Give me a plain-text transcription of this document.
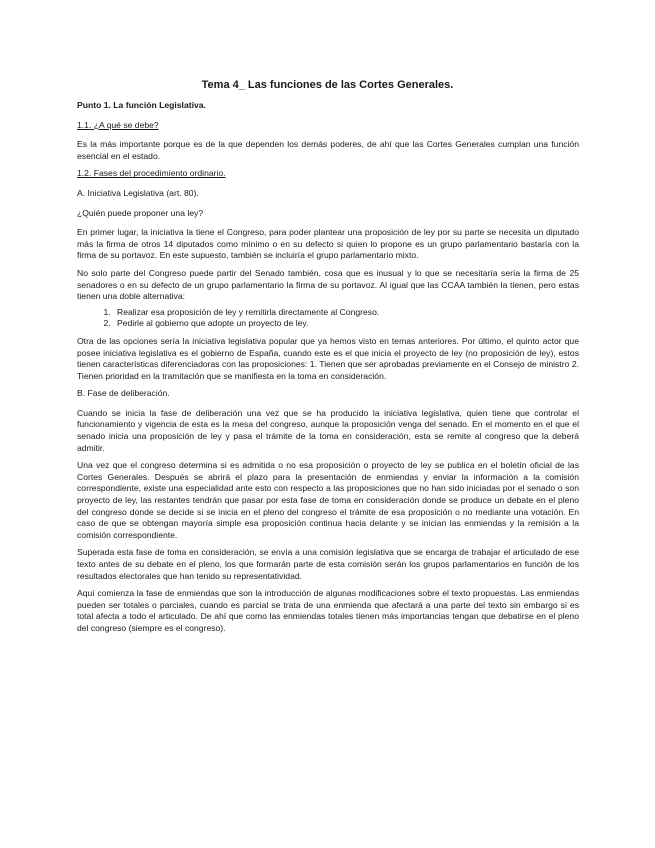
Tema 4_ Las funciones de las Cortes Generales.

Punto 1. La función Legislativa.

1.1. ¿A qué se debe?

Es la más importante porque es de la que dependen los demás poderes, de ahí que las Cortes Generales cumplan una función esencial en el estado.

1.2. Fases del procedimiento ordinario.

A. Iniciativa Legislativa (art. 80).

¿Quién puede proponer una ley?

En primer lugar, la iniciativa la tiene el Congreso, para poder plantear una proposición de ley por su parte se necesita un diputado más la firma de otros 14 diputados como mínimo o en su defecto si quien lo propone es un grupo parlamentario bastaría con la firma de su portavoz. En este supuesto, también se incluiría el grupo parlamentario mixto.

No solo parte del Congreso puede partir del Senado también, cosa que es inusual y lo que se necesitaría sería la firma de 25 senadores o en su defecto de un grupo parlamentario la firma de su portavoz. Al igual que las CCAA también la tienen, pero estas tienen una doble alternativa:

1. Realizar esa proposición de ley y remitirla directamente al Congreso.
2. Pedirle al gobierno que adopte un proyecto de ley.

Otra de las opciones sería la iniciativa legislativa popular que ya hemos visto en temas anteriores. Por último, el quinto actor que posee iniciativa legislativa es el gobierno de España, cuando este es el que inicia el proyecto de ley (no proposición de ley), estos tienen características diferenciadoras con las proposiciones: 1. Tienen que ser aprobadas previamente en el Consejo de ministro 2. Tienen prioridad en la tramitación que se manifiesta en la toma en consideración.

B. Fase de deliberación.

Cuando se inicia la fase de deliberación una vez que se ha producido la iniciativa legislativa, quien tiene que controlar el funcionamiento y vigencia de esta es la mesa del congreso, aunque la proposición venga del senado. En el momento en el que el senado inicia una proposición de ley y pasa el trámite de la toma en consideración, esta se remite al congreso que la deberá admitir.

Una vez que el congreso determina si es admitida o no esa proposición o proyecto de ley se publica en el boletín oficial de las Cortes Generales. Después se abrirá el plazo para la presentación de enmiendas y enviar la información a la comisión correspondiente, existe una especialidad ante esto con respecto a las proposiciones que no han sido iniciadas por el senado o son proyecto de ley, las restantes tendrán que pasar por esta fase de toma en consideración donde se produce un debate en el pleno del congreso donde se decide si se inicia en el pleno del congreso el trámite de esa proposición o no mediante una votación. En caso de que se obtengan mayoría simple esa proposición continua hacia delante y se inician las enmiendas y la remisión a la comisión correspondiente.

Superada esta fase de toma en consideración, se envía a una comisión legislativa que se encarga de trabajar el articulado de ese texto antes de su debate en el pleno, los que formarán parte de esta comisión serán los grupos parlamentarios en función de los resultados electorales que han tenido su representatividad.

Aquí comienza la fase de enmiendas que son la introducción de algunas modificaciones sobre el texto propuestas. Las enmiendas pueden ser totales o parciales, cuando es parcial se trata de una enmienda que afectará a una parte del texto sin embargo si es total afecta a todo el articulado. De ahí que como las enmiendas totales tienen más importancias tengan que debatirse en el pleno del congreso (siempre es el congreso).
